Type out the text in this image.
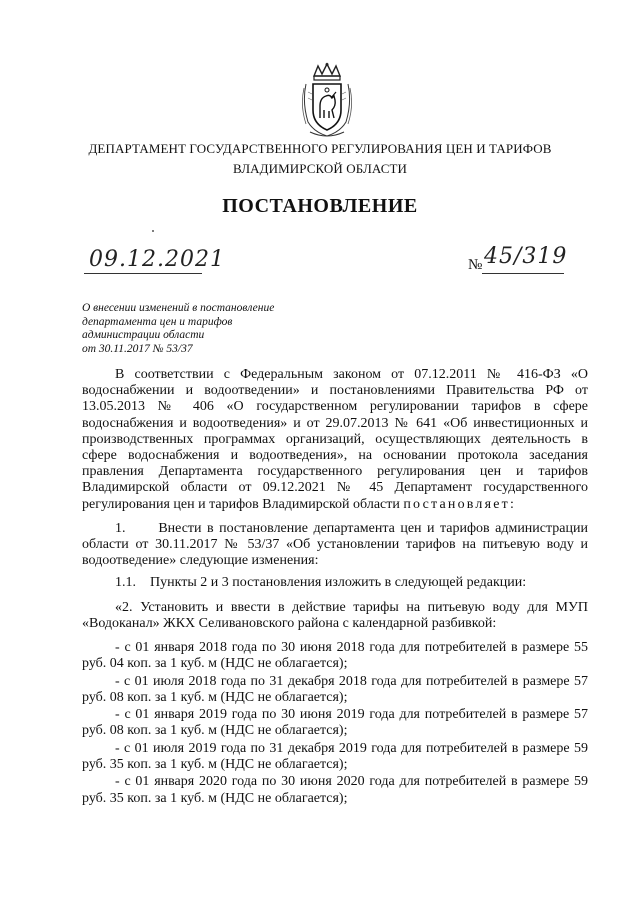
ДЕПАРТАМЕНТ ГОСУДАРСТВЕННОГО РЕГУЛИРОВАНИЯ ЦЕН И ТАРИФОВ
ВЛАДИМИРСКОЙ ОБЛАСТИ
ПОСТАНОВЛЕНИЕ
09.12.2021	№ 45/319
О внесении изменений в постановление
департамента цен и тарифов
администрации области
от 30.11.2017 № 53/37
В соответствии с Федеральным законом от 07.12.2011 № 416-ФЗ «О водоснабжении и водоотведении» и постановлениями Правительства РФ от 13.05.2013 № 406 «О государственном регулировании тарифов в сфере водоснабжения и водоотведения» и от 29.07.2013 № 641 «Об инвестиционных и производственных программах организаций, осуществляющих деятельность в сфере водоснабжения и водоотведения», на основании протокола заседания правления Департамента государственного регулирования цен и тарифов Владимирской области от 09.12.2021 № 45 Департамент государственного регулирования цен и тарифов Владимирской области постановляет:
1.      Внести в постановление департамента цен и тарифов администрации области от 30.11.2017 № 53/37 «Об установлении тарифов на питьевую воду и водоотведение» следующие изменения:
1.1.    Пункты 2 и 3 постановления изложить в следующей редакции:
«2. Установить и ввести в действие тарифы на питьевую воду для МУП «Водоканал» ЖКХ Селивановского района с календарной разбивкой:
- с 01 января 2018 года по 30 июня 2018 года для потребителей в размере 55 руб. 04 коп. за 1 куб. м (НДС не облагается);
- с 01 июля 2018 года по 31 декабря 2018 года для потребителей в размере 57 руб. 08 коп. за 1 куб. м (НДС не облагается);
- с 01 января 2019 года по 30 июня 2019 года для потребителей в размере 57 руб. 08 коп. за 1 куб. м (НДС не облагается);
- с 01 июля 2019 года по 31 декабря 2019 года для потребителей в размере 59 руб. 35 коп. за 1 куб. м (НДС не облагается);
- с 01 января 2020 года по 30 июня 2020 года для потребителей в размере 59 руб. 35 коп. за 1 куб. м (НДС не облагается);
